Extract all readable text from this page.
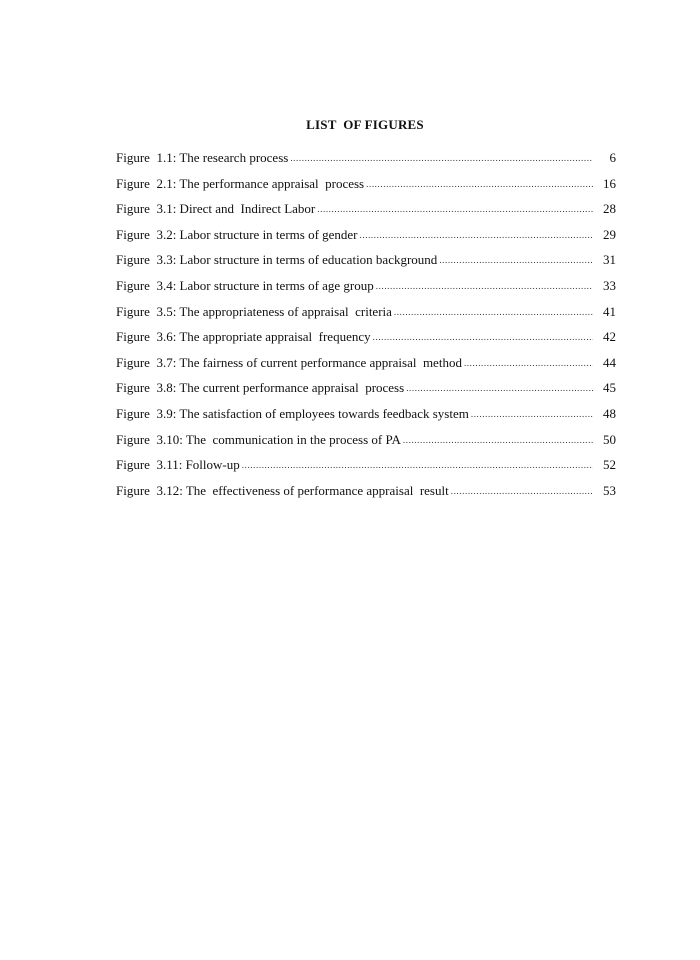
LIST  OF FIGURES
Figure  1.1: The research process .....	6
Figure  2.1: The performance appraisal  process .....	16
Figure  3.1: Direct and  Indirect Labor .....	28
Figure  3.2: Labor structure in terms of gender .....	29
Figure  3.3: Labor structure in terms of education background .....	31
Figure  3.4: Labor structure in terms of age group .....	33
Figure  3.5: The appropriateness of appraisal  criteria .....	41
Figure  3.6: The appropriate appraisal  frequency .....	42
Figure  3.7: The fairness of current performance appraisal  method .....	44
Figure  3.8: The current performance appraisal  process .....	45
Figure  3.9: The satisfaction of employees towards feedback system .....	48
Figure  3.10: The  communication in the process of PA .....	50
Figure  3.11: Follow-up .....	52
Figure  3.12: The  effectiveness of performance appraisal  result .....	53
